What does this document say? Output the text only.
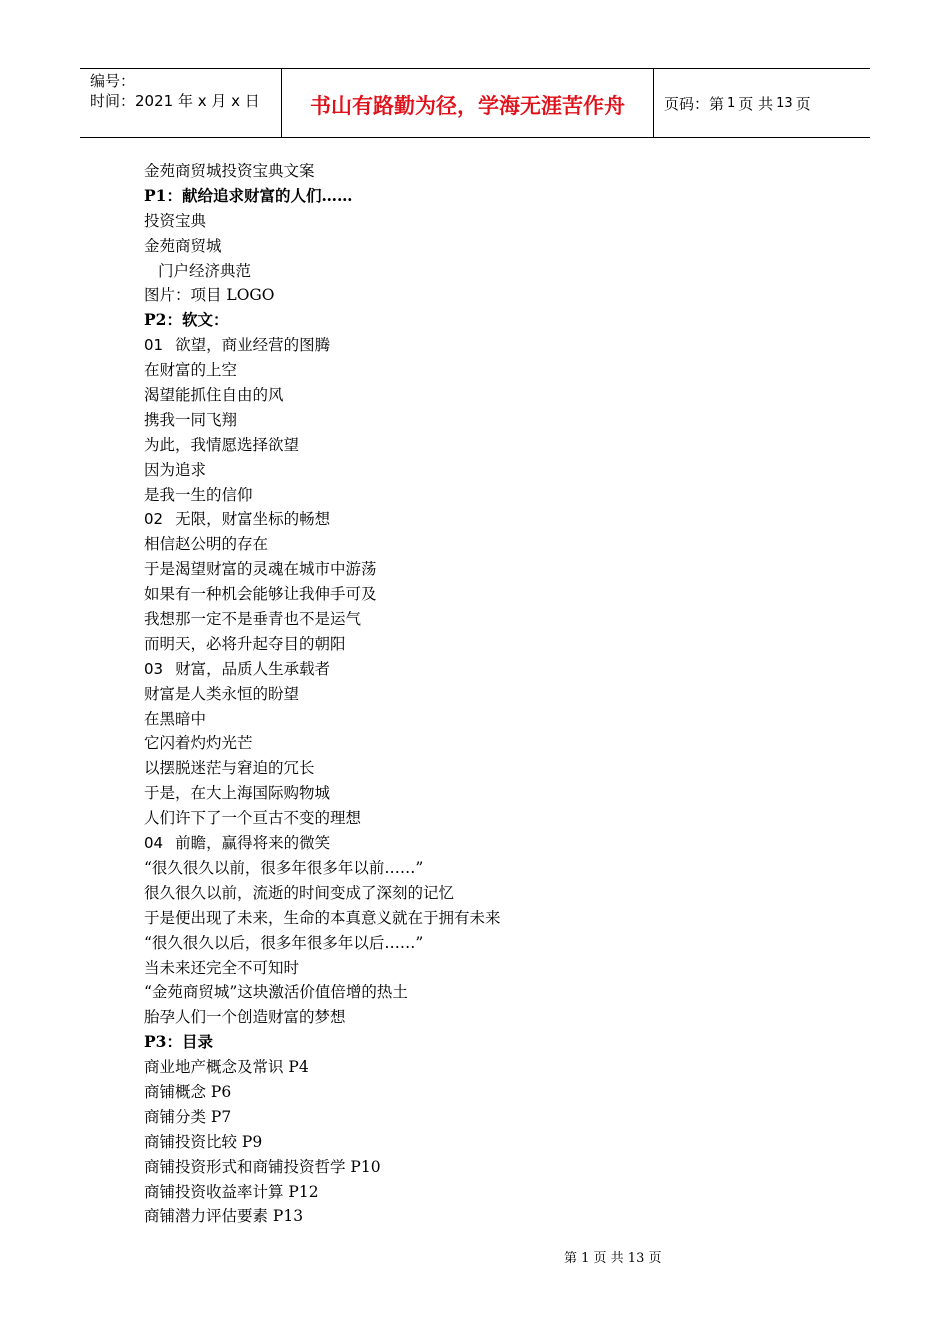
编号：
时间：2021 年 x 月 x 日	书山有路勤为径，学海无涯苦作舟	页码：第 1 页 共 13 页
金苑商贸城投资宝典文案
P1：献给追求财富的人们……
投资宝典
金苑商贸城
门户经济典范
图片：项目 LOGO
P2：软文：
01 欲望，商业经营的图腾
在财富的上空
渴望能抓住自由的风
携我一同飞翔
为此，我情愿选择欲望
因为追求
是我一生的信仰
02 无限，财富坐标的畅想
相信赵公明的存在
于是渴望财富的灵魂在城市中游荡
如果有一种机会能够让我伸手可及
我想那一定不是垂青也不是运气
而明天，必将升起夺目的朝阳
03 财富，品质人生承载者
财富是人类永恒的盼望
在黑暗中
它闪着灼灼光芒
以摆脱迷茫与窘迫的冗长
于是，在大上海国际购物城
人们许下了一个亘古不变的理想
04 前瞻，赢得将来的微笑
“很久很久以前，很多年很多年以前……”
很久很久以前，流逝的时间变成了深刻的记忆
于是便出现了未来，生命的本真意义就在于拥有未来
“很久很久以后，很多年很多年以后……”
当未来还完全不可知时
“金苑商贸城”这块激活价值倍增的热土
胎孕人们一个创造财富的梦想
P3：目录
商业地产概念及常识 P4
商铺概念 P6
商铺分类 P7
商铺投资比较 P9
商铺投资形式和商铺投资哲学 P10
商铺投资收益率计算 P12
商铺潜力评估要素 P13
第 1 页 共 13 页
